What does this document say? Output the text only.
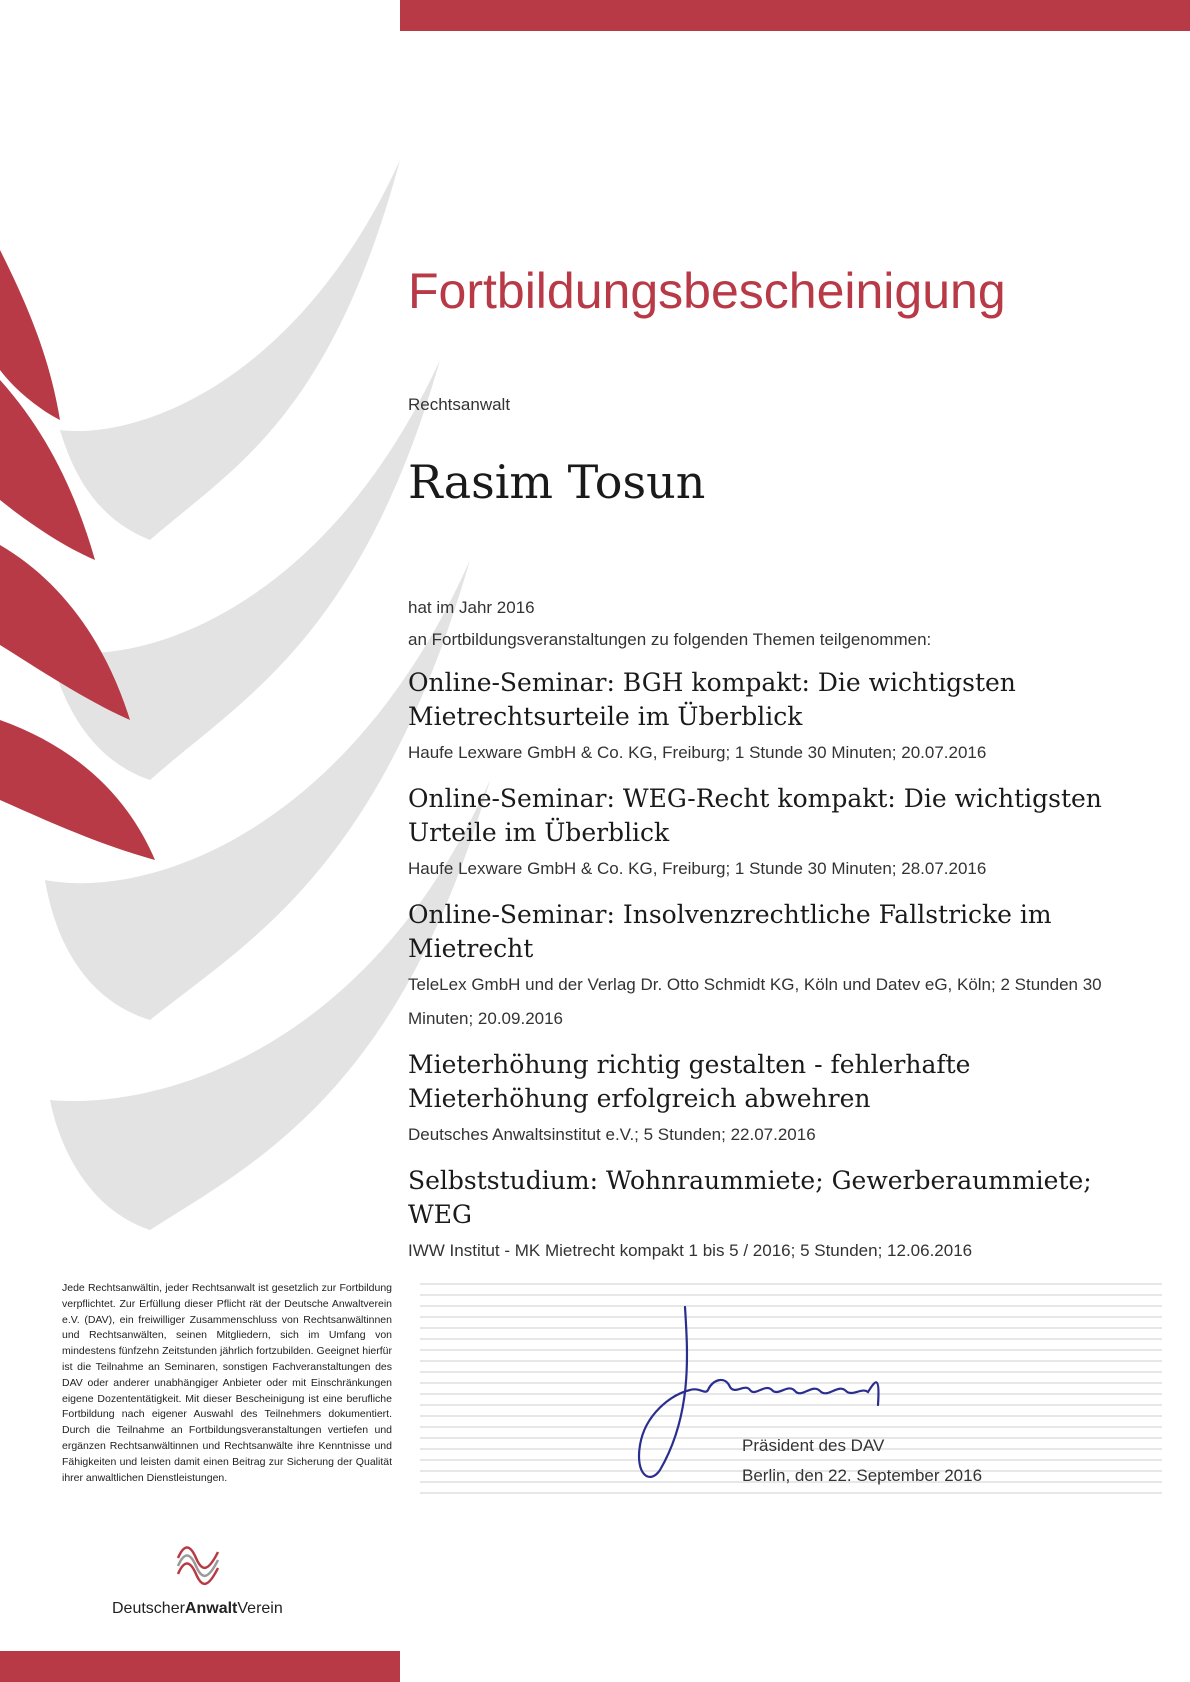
Fortbildungsbescheinigung
Rechtsanwalt
Rasim Tosun
hat im Jahr 2016
an Fortbildungsveranstaltungen zu folgenden Themen teilgenommen:
Online-Seminar: BGH kompakt: Die wichtigsten Mietrechtsurteile im Überblick
Haufe Lexware GmbH & Co. KG, Freiburg; 1 Stunde 30 Minuten; 20.07.2016
Online-Seminar: WEG-Recht kompakt: Die wichtigsten Urteile im Überblick
Haufe Lexware GmbH & Co. KG, Freiburg; 1 Stunde 30 Minuten; 28.07.2016
Online-Seminar: Insolvenzrechtliche Fallstricke im Mietrecht
TeleLex GmbH und der Verlag Dr. Otto Schmidt KG, Köln und Datev eG, Köln; 2 Stunden 30 Minuten; 20.09.2016
Mieterhöhung richtig gestalten - fehlerhafte Mieterhöhung erfolgreich abwehren
Deutsches Anwaltsinstitut e.V.; 5 Stunden; 22.07.2016
Selbststudium: Wohnraummiete; Gewerberaummiete; WEG
IWW Institut - MK Mietrecht kompakt 1 bis 5 / 2016; 5 Stunden; 12.06.2016
Jede Rechtsanwältin, jeder Rechtsanwalt ist gesetzlich zur Fortbildung verpflichtet. Zur Erfüllung dieser Pflicht rät der Deutsche Anwaltverein e.V. (DAV), ein freiwilliger Zusammenschluss von Rechtsanwältinnen und Rechtsanwälten, seinen Mitgliedern, sich im Umfang von mindestens fünfzehn Zeitstunden jährlich fortzubilden. Geeignet hierfür ist die Teilnahme an Seminaren, sonstigen Fachveranstaltungen des DAV oder anderer unabhängiger Anbieter oder mit Einschränkungen eigene Dozententätigkeit. Mit dieser Bescheinigung ist eine berufliche Fortbildung nach eigener Auswahl des Teilnehmers dokumentiert. Durch die Teilnahme an Fortbildungsveranstaltungen vertiefen und ergänzen Rechtsanwältinnen und Rechtsanwälte ihre Kenntnisse und Fähigkeiten und leisten damit einen Beitrag zur Sicherung der Qualität ihrer anwaltlichen Dienstleistungen.
Präsident des DAV
Berlin, den 22. September 2016
DeutscherAnwaltVerein
